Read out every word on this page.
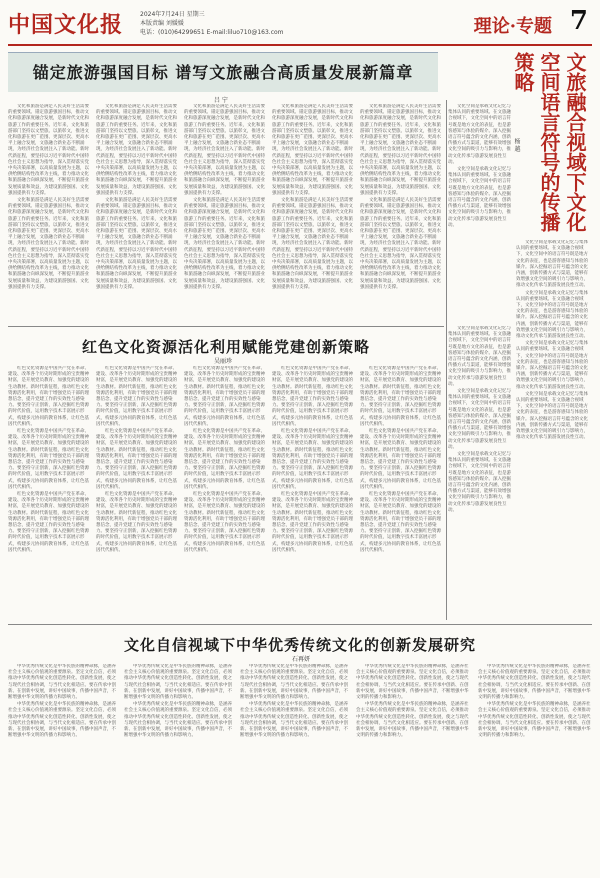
中国文化报	2024年7月24日 星期三
本版责编 刘媛媛
电话：(010)64299651 E-mail:liluo710@163.com	理论·专题 7
锚定旅游强国目标 谱写文旅融合高质量发展新篇章
吕 宁

文化和旅游是满足人民美好生活需要的重要领域。锚定旅游强国目标，推动文化和旅游深度融合发展，是新时代文化和旅游工作的重要任务。近年来，文化和旅游部门坚持以文塑旅、以旅彰文，推进文化和旅游在更广范围、更深层次、更高水平上融合发展，文旅融合新业态不断涌现，为经济社会发展注入了新动能。新时代新征程，要坚持以习近平新时代中国特色社会主义思想为指导，深入贯彻落实党中央决策部署，以高质量发展为主题，以供给侧结构性改革为主线，着力推动文化和旅游融合向纵深发展，不断提升旅游业发展质量和效益，为建设旅游强国、文化强国提供有力支撑。

文化和旅游是满足人民美好生活需要的重要领域。锚定旅游强国目标，推动文化和旅游深度融合发展，是新时代文化和旅游工作的重要任务。近年来，文化和旅游部门坚持以文塑旅、以旅彰文，推进文化和旅游在更广范围、更深层次、更高水平上融合发展，文旅融合新业态不断涌现，为经济社会发展注入了新动能。新时代新征程，要坚持以习近平新时代中国特色社会主义思想为指导，深入贯彻落实党中央决策部署，以高质量发展为主题，以供给侧结构性改革为主线，着力推动文化和旅游融合向纵深发展，不断提升旅游业发展质量和效益，为建设旅游强国、文化强国提供有力支撑。

文化和旅游是满足人民美好生活需要的重要领域。锚定旅游强国目标，推动文化和旅游深度融合发展，是新时代文化和旅游工作的重要任务。近年来，文化和旅游部门坚持以文塑旅、以旅彰文，推进文化和旅游在更广范围、更深层次、更高水平上融合发展，文旅融合新业态不断涌现，为经济社会发展注入了新动能。新时代新征程，要坚持以习近平新时代中国特色社会主义思想为指导，深入贯彻落实党中央决策部署，以高质量发展为主题，以供给侧结构性改革为主线，着力推动文化和旅游融合向纵深发展，不断提升旅游业发展质量和效益，为建设旅游强国、文化强国提供有力支撑。

文化和旅游是满足人民美好生活需要的重要领域。锚定旅游强国目标，推动文化和旅游深度融合发展，是新时代文化和旅游工作的重要任务。近年来，文化和旅游部门坚持以文塑旅、以旅彰文，推进文化和旅游在更广范围、更深层次、更高水平上融合发展，文旅融合新业态不断涌现，为经济社会发展注入了新动能。新时代新征程，要坚持以习近平新时代中国特色社会主义思想为指导，深入贯彻落实党中央决策部署，以高质量发展为主题，以供给侧结构性改革为主线，着力推动文化和旅游融合向纵深发展，不断提升旅游业发展质量和效益，为建设旅游强国、文化强国提供有力支撑。

文化和旅游是满足人民美好生活需要的重要领域。锚定旅游强国目标，推动文化和旅游深度融合发展，是新时代文化和旅游工作的重要任务。近年来，文化和旅游部门坚持以文塑旅、以旅彰文，推进文化和旅游在更广范围、更深层次、更高水平上融合发展，文旅融合新业态不断涌现，为经济社会发展注入了新动能。新时代新征程，要坚持以习近平新时代中国特色社会主义思想为指导，深入贯彻落实党中央决策部署，以高质量发展为主题，以供给侧结构性改革为主线，着力推动文化和旅游融合向纵深发展，不断提升旅游业发展质量和效益，为建设旅游强国、文化强国提供有力支撑。

文化和旅游是满足人民美好生活需要的重要领域。锚定旅游强国目标，推动文化和旅游深度融合发展，是新时代文化和旅游工作的重要任务。近年来，文化和旅游部门坚持以文塑旅、以旅彰文，推进文化和旅游在更广范围、更深层次、更高水平上融合发展，文旅融合新业态不断涌现，为经济社会发展注入了新动能。新时代新征程，要坚持以习近平新时代中国特色社会主义思想为指导，深入贯彻落实党中央决策部署，以高质量发展为主题，以供给侧结构性改革为主线，着力推动文化和旅游融合向纵深发展，不断提升旅游业发展质量和效益，为建设旅游强国、文化强国提供有力支撑。

文化和旅游是满足人民美好生活需要的重要领域。锚定旅游强国目标，推动文化和旅游深度融合发展，是新时代文化和旅游工作的重要任务。近年来，文化和旅游部门坚持以文塑旅、以旅彰文，推进文化和旅游在更广范围、更深层次、更高水平上融合发展，文旅融合新业态不断涌现，为经济社会发展注入了新动能。新时代新征程，要坚持以习近平新时代中国特色社会主义思想为指导，深入贯彻落实党中央决策部署，以高质量发展为主题，以供给侧结构性改革为主线，着力推动文化和旅游融合向纵深发展，不断提升旅游业发展质量和效益，为建设旅游强国、文化强国提供有力支撑。

文化和旅游是满足人民美好生活需要的重要领域。锚定旅游强国目标，推动文化和旅游深度融合发展，是新时代文化和旅游工作的重要任务。近年来，文化和旅游部门坚持以文塑旅、以旅彰文，推进文化和旅游在更广范围、更深层次、更高水平上融合发展，文旅融合新业态不断涌现，为经济社会发展注入了新动能。新时代新征程，要坚持以习近平新时代中国特色社会主义思想为指导，深入贯彻落实党中央决策部署，以高质量发展为主题，以供给侧结构性改革为主线，着力推动文化和旅游融合向纵深发展，不断提升旅游业发展质量和效益，为建设旅游强国、文化强国提供有力支撑。

文化和旅游是满足人民美好生活需要的重要领域。锚定旅游强国目标，推动文化和旅游深度融合发展，是新时代文化和旅游工作的重要任务。近年来，文化和旅游部门坚持以文塑旅、以旅彰文，推进文化和旅游在更广范围、更深层次、更高水平上融合发展，文旅融合新业态不断涌现，为经济社会发展注入了新动能。新时代新征程，要坚持以习近平新时代中国特色社会主义思想为指导，深入贯彻落实党中央决策部署，以高质量发展为主题，以供给侧结构性改革为主线，着力推动文化和旅游融合向纵深发展，不断提升旅游业发展质量和效益，为建设旅游强国、文化强国提供有力支撑。

文化和旅游是满足人民美好生活需要的重要领域。锚定旅游强国目标，推动文化和旅游深度融合发展，是新时代文化和旅游工作的重要任务。近年来，文化和旅游部门坚持以文塑旅、以旅彰文，推进文化和旅游在更广范围、更深层次、更高水平上融合发展，文旅融合新业态不断涌现，为经济社会发展注入了新动能。新时代新征程，要坚持以习近平新时代中国特色社会主义思想为指导，深入贯彻落实党中央决策部署，以高质量发展为主题，以供给侧结构性改革为主线，着力推动文化和旅游融合向纵深发展，不断提升旅游业发展质量和效益，为建设旅游强国、文化强国提供有力支撑。

文旅融合视域下文化空间语言符号的传播策略
杨 越

文化空间是承载文化记忆与集体认同的重要场域。在文旅融合视域下，文化空间中的语言符号既是地方文化的表征，也是游客感知与体验的媒介。深入挖掘语言符号蕴含的文化内涵，创新传播方式与渠道，能够有效增强文化空间的吸引力与影响力，推动文化传承与旅游发展良性互动。

文化空间是承载文化记忆与集体认同的重要场域。在文旅融合视域下，文化空间中的语言符号既是地方文化的表征，也是游客感知与体验的媒介。深入挖掘语言符号蕴含的文化内涵，创新传播方式与渠道，能够有效增强文化空间的吸引力与影响力，推动文化传承与旅游发展良性互动。

文化空间是承载文化记忆与集体认同的重要场域。在文旅融合视域下，文化空间中的语言符号既是地方文化的表征，也是游客感知与体验的媒介。深入挖掘语言符号蕴含的文化内涵，创新传播方式与渠道，能够有效增强文化空间的吸引力与影响力，推动文化传承与旅游发展良性互动。

文化空间是承载文化记忆与集体认同的重要场域。在文旅融合视域下，文化空间中的语言符号既是地方文化的表征，也是游客感知与体验的媒介。深入挖掘语言符号蕴含的文化内涵，创新传播方式与渠道，能够有效增强文化空间的吸引力与影响力，推动文化传承与旅游发展良性互动。

文化空间是承载文化记忆与集体认同的重要场域。在文旅融合视域下，文化空间中的语言符号既是地方文化的表征，也是游客感知与体验的媒介。深入挖掘语言符号蕴含的文化内涵，创新传播方式与渠道，能够有效增强文化空间的吸引力与影响力，推动文化传承与旅游发展良性互动。

文化空间是承载文化记忆与集体认同的重要场域。在文旅融合视域下，文化空间中的语言符号既是地方文化的表征，也是游客感知与体验的媒介。深入挖掘语言符号蕴含的文化内涵，创新传播方式与渠道，能够有效增强文化空间的吸引力与影响力，推动文化传承与旅游发展良性互动。

文化空间是承载文化记忆与集体认同的重要场域。在文旅融合视域下，文化空间中的语言符号既是地方文化的表征，也是游客感知与体验的媒介。深入挖掘语言符号蕴含的文化内涵，创新传播方式与渠道，能够有效增强文化空间的吸引力与影响力，推动文化传承与旅游发展良性互动。

文化空间是承载文化记忆与集体认同的重要场域。在文旅融合视域下，文化空间中的语言符号既是地方文化的表征，也是游客感知与体验的媒介。深入挖掘语言符号蕴含的文化内涵，创新传播方式与渠道，能够有效增强文化空间的吸引力与影响力，推动文化传承与旅游发展良性互动。

文化空间是承载文化记忆与集体认同的重要场域。在文旅融合视域下，文化空间中的语言符号既是地方文化的表征，也是游客感知与体验的媒介。深入挖掘语言符号蕴含的文化内涵，创新传播方式与渠道，能够有效增强文化空间的吸引力与影响力，推动文化传承与旅游发展良性互动。

红色文化资源活化利用赋能党建创新策略
吴丽珍

红色文化资源是中国共产党在革命、建设、改革各个历史时期形成的宝贵精神财富，是开展党员教育、加强党的建设的生动教材。新时代新征程，推动红色文化资源活化利用，有助于增强党员干部的理想信念，提升党建工作的实效性与感染力。要坚持守正创新，深入挖掘红色资源的时代价值，运用数字技术丰富展示形式，构建多元协同的教育体系，让红色基因代代相传。

红色文化资源是中国共产党在革命、建设、改革各个历史时期形成的宝贵精神财富，是开展党员教育、加强党的建设的生动教材。新时代新征程，推动红色文化资源活化利用，有助于增强党员干部的理想信念，提升党建工作的实效性与感染力。要坚持守正创新，深入挖掘红色资源的时代价值，运用数字技术丰富展示形式，构建多元协同的教育体系，让红色基因代代相传。

红色文化资源是中国共产党在革命、建设、改革各个历史时期形成的宝贵精神财富，是开展党员教育、加强党的建设的生动教材。新时代新征程，推动红色文化资源活化利用，有助于增强党员干部的理想信念，提升党建工作的实效性与感染力。要坚持守正创新，深入挖掘红色资源的时代价值，运用数字技术丰富展示形式，构建多元协同的教育体系，让红色基因代代相传。

红色文化资源是中国共产党在革命、建设、改革各个历史时期形成的宝贵精神财富，是开展党员教育、加强党的建设的生动教材。新时代新征程，推动红色文化资源活化利用，有助于增强党员干部的理想信念，提升党建工作的实效性与感染力。要坚持守正创新，深入挖掘红色资源的时代价值，运用数字技术丰富展示形式，构建多元协同的教育体系，让红色基因代代相传。

红色文化资源是中国共产党在革命、建设、改革各个历史时期形成的宝贵精神财富，是开展党员教育、加强党的建设的生动教材。新时代新征程，推动红色文化资源活化利用，有助于增强党员干部的理想信念，提升党建工作的实效性与感染力。要坚持守正创新，深入挖掘红色资源的时代价值，运用数字技术丰富展示形式，构建多元协同的教育体系，让红色基因代代相传。

红色文化资源是中国共产党在革命、建设、改革各个历史时期形成的宝贵精神财富，是开展党员教育、加强党的建设的生动教材。新时代新征程，推动红色文化资源活化利用，有助于增强党员干部的理想信念，提升党建工作的实效性与感染力。要坚持守正创新，深入挖掘红色资源的时代价值，运用数字技术丰富展示形式，构建多元协同的教育体系，让红色基因代代相传。

红色文化资源是中国共产党在革命、建设、改革各个历史时期形成的宝贵精神财富，是开展党员教育、加强党的建设的生动教材。新时代新征程，推动红色文化资源活化利用，有助于增强党员干部的理想信念，提升党建工作的实效性与感染力。要坚持守正创新，深入挖掘红色资源的时代价值，运用数字技术丰富展示形式，构建多元协同的教育体系，让红色基因代代相传。

红色文化资源是中国共产党在革命、建设、改革各个历史时期形成的宝贵精神财富，是开展党员教育、加强党的建设的生动教材。新时代新征程，推动红色文化资源活化利用，有助于增强党员干部的理想信念，提升党建工作的实效性与感染力。要坚持守正创新，深入挖掘红色资源的时代价值，运用数字技术丰富展示形式，构建多元协同的教育体系，让红色基因代代相传。

红色文化资源是中国共产党在革命、建设、改革各个历史时期形成的宝贵精神财富，是开展党员教育、加强党的建设的生动教材。新时代新征程，推动红色文化资源活化利用，有助于增强党员干部的理想信念，提升党建工作的实效性与感染力。要坚持守正创新，深入挖掘红色资源的时代价值，运用数字技术丰富展示形式，构建多元协同的教育体系，让红色基因代代相传。

红色文化资源是中国共产党在革命、建设、改革各个历史时期形成的宝贵精神财富，是开展党员教育、加强党的建设的生动教材。新时代新征程，推动红色文化资源活化利用，有助于增强党员干部的理想信念，提升党建工作的实效性与感染力。要坚持守正创新，深入挖掘红色资源的时代价值，运用数字技术丰富展示形式，构建多元协同的教育体系，让红色基因代代相传。

红色文化资源是中国共产党在革命、建设、改革各个历史时期形成的宝贵精神财富，是开展党员教育、加强党的建设的生动教材。新时代新征程，推动红色文化资源活化利用，有助于增强党员干部的理想信念，提升党建工作的实效性与感染力。要坚持守正创新，深入挖掘红色资源的时代价值，运用数字技术丰富展示形式，构建多元协同的教育体系，让红色基因代代相传。

红色文化资源是中国共产党在革命、建设、改革各个历史时期形成的宝贵精神财富，是开展党员教育、加强党的建设的生动教材。新时代新征程，推动红色文化资源活化利用，有助于增强党员干部的理想信念，提升党建工作的实效性与感染力。要坚持守正创新，深入挖掘红色资源的时代价值，运用数字技术丰富展示形式，构建多元协同的教育体系，让红色基因代代相传。

红色文化资源是中国共产党在革命、建设、改革各个历史时期形成的宝贵精神财富，是开展党员教育、加强党的建设的生动教材。新时代新征程，推动红色文化资源活化利用，有助于增强党员干部的理想信念，提升党建工作的实效性与感染力。要坚持守正创新，深入挖掘红色资源的时代价值，运用数字技术丰富展示形式，构建多元协同的教育体系，让红色基因代代相传。

红色文化资源是中国共产党在革命、建设、改革各个历史时期形成的宝贵精神财富，是开展党员教育、加强党的建设的生动教材。新时代新征程，推动红色文化资源活化利用，有助于增强党员干部的理想信念，提升党建工作的实效性与感染力。要坚持守正创新，深入挖掘红色资源的时代价值，运用数字技术丰富展示形式，构建多元协同的教育体系，让红色基因代代相传。

红色文化资源是中国共产党在革命、建设、改革各个历史时期形成的宝贵精神财富，是开展党员教育、加强党的建设的生动教材。新时代新征程，推动红色文化资源活化利用，有助于增强党员干部的理想信念，提升党建工作的实效性与感染力。要坚持守正创新，深入挖掘红色资源的时代价值，运用数字技术丰富展示形式，构建多元协同的教育体系，让红色基因代代相传。

文化自信视域下中华优秀传统文化的创新发展研究
石再妍

中华优秀传统文化是中华民族的精神命脉，是涵养社会主义核心价值观的重要源泉。坚定文化自信，必须推动中华优秀传统文化创造性转化、创新性发展，使之与现代社会相协调，与当代文化相适应。要在传承中创新、在创新中发展，讲好中国故事，传播中国声音，不断增强中华文明的传播力和影响力。

中华优秀传统文化是中华民族的精神命脉，是涵养社会主义核心价值观的重要源泉。坚定文化自信，必须推动中华优秀传统文化创造性转化、创新性发展，使之与现代社会相协调，与当代文化相适应。要在传承中创新、在创新中发展，讲好中国故事，传播中国声音，不断增强中华文明的传播力和影响力。

中华优秀传统文化是中华民族的精神命脉，是涵养社会主义核心价值观的重要源泉。坚定文化自信，必须推动中华优秀传统文化创造性转化、创新性发展，使之与现代社会相协调，与当代文化相适应。要在传承中创新、在创新中发展，讲好中国故事，传播中国声音，不断增强中华文明的传播力和影响力。

中华优秀传统文化是中华民族的精神命脉，是涵养社会主义核心价值观的重要源泉。坚定文化自信，必须推动中华优秀传统文化创造性转化、创新性发展，使之与现代社会相协调，与当代文化相适应。要在传承中创新、在创新中发展，讲好中国故事，传播中国声音，不断增强中华文明的传播力和影响力。

中华优秀传统文化是中华民族的精神命脉，是涵养社会主义核心价值观的重要源泉。坚定文化自信，必须推动中华优秀传统文化创造性转化、创新性发展，使之与现代社会相协调，与当代文化相适应。要在传承中创新、在创新中发展，讲好中国故事，传播中国声音，不断增强中华文明的传播力和影响力。

中华优秀传统文化是中华民族的精神命脉，是涵养社会主义核心价值观的重要源泉。坚定文化自信，必须推动中华优秀传统文化创造性转化、创新性发展，使之与现代社会相协调，与当代文化相适应。要在传承中创新、在创新中发展，讲好中国故事，传播中国声音，不断增强中华文明的传播力和影响力。

中华优秀传统文化是中华民族的精神命脉，是涵养社会主义核心价值观的重要源泉。坚定文化自信，必须推动中华优秀传统文化创造性转化、创新性发展，使之与现代社会相协调，与当代文化相适应。要在传承中创新、在创新中发展，讲好中国故事，传播中国声音，不断增强中华文明的传播力和影响力。

中华优秀传统文化是中华民族的精神命脉，是涵养社会主义核心价值观的重要源泉。坚定文化自信，必须推动中华优秀传统文化创造性转化、创新性发展，使之与现代社会相协调，与当代文化相适应。要在传承中创新、在创新中发展，讲好中国故事，传播中国声音，不断增强中华文明的传播力和影响力。

中华优秀传统文化是中华民族的精神命脉，是涵养社会主义核心价值观的重要源泉。坚定文化自信，必须推动中华优秀传统文化创造性转化、创新性发展，使之与现代社会相协调，与当代文化相适应。要在传承中创新、在创新中发展，讲好中国故事，传播中国声音，不断增强中华文明的传播力和影响力。

中华优秀传统文化是中华民族的精神命脉，是涵养社会主义核心价值观的重要源泉。坚定文化自信，必须推动中华优秀传统文化创造性转化、创新性发展，使之与现代社会相协调，与当代文化相适应。要在传承中创新、在创新中发展，讲好中国故事，传播中国声音，不断增强中华文明的传播力和影响力。
